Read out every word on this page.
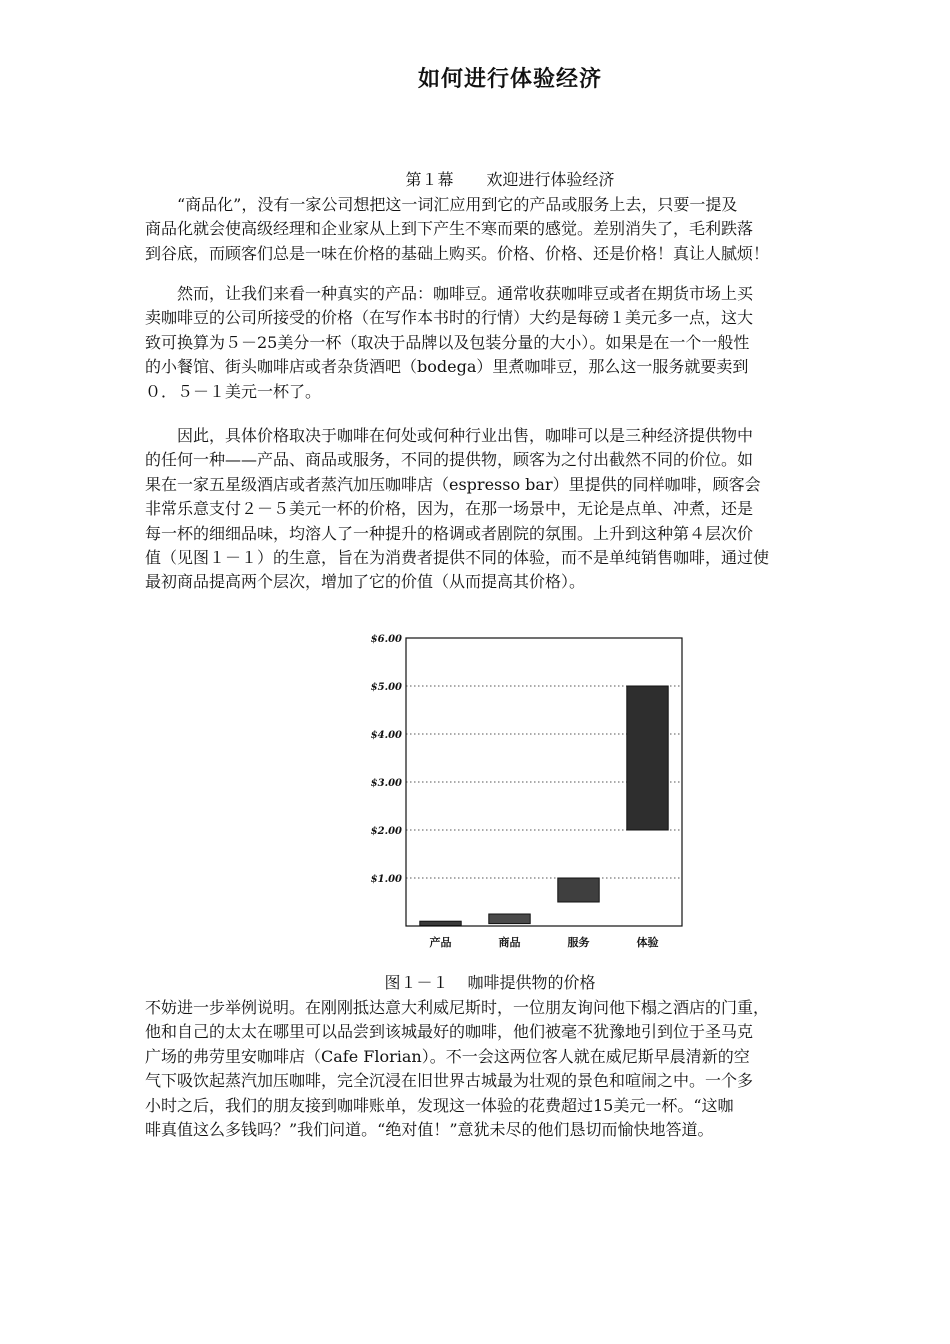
如何进行体验经济
第１幕 欢迎进行体验经济

“商品化”，没有一家公司想把这一词汇应用到它的产品或服务上去，只要一提及
商品化就会使高级经理和企业家从上到下产生不寒而栗的感觉。差别消失了，毛利跌落
到谷底，而顾客们总是一味在价格的基础上购买。价格、价格、还是价格！真让人腻烦！

然而，让我们来看一种真实的产品：咖啡豆。通常收获咖啡豆或者在期货市场上买
卖咖啡豆的公司所接受的价格（在写作本书时的行情）大约是每磅１美元多一点，这大
致可换算为５－25美分一杯（取决于品牌以及包装分量的大小）。如果是在一个一般性
的小餐馆、街头咖啡店或者杂货酒吧（bodega）里煮咖啡豆，那么这一服务就要卖到
０．５－１美元一杯了。

因此，具体价格取决于咖啡在何处或何种行业出售，咖啡可以是三种经济提供物中
的任何一种——产品、商品或服务，不同的提供物，顾客为之付出截然不同的价位。如
果在一家五星级酒店或者蒸汽加压咖啡店（espresso bar）里提供的同样咖啡，顾客会
非常乐意支付２－５美元一杯的价格，因为，在那一场景中，无论是点单、冲煮，还是
每一杯的细细品味，均溶人了一种提升的格调或者剧院的氛围。上升到这种第４层次价
值（见图１－１）的生意，旨在为消费者提供不同的体验，而不是单纯销售咖啡，通过使
最初商品提高两个层次，增加了它的价值（从而提高其价格）。

$1.00
$2.00
$3.00
$4.00
$5.00
$6.00
产品	商品	服务	体验
图１－１ 咖啡提供物的价格

不妨进一步举例说明。在刚刚抵达意大利威尼斯时，一位朋友询问他下榻之酒店的门重，
他和自己的太太在哪里可以品尝到该城最好的咖啡，他们被毫不犹豫地引到位于圣马克
广场的弗劳里安咖啡店（Cafe Florian）。不一会这两位客人就在威尼斯早晨清新的空
气下吸饮起蒸汽加压咖啡，完全沉浸在旧世界古城最为壮观的景色和喧闹之中。一个多
小时之后，我们的朋友接到咖啡账单，发现这一体验的花费超过15美元一杯。“这咖
啡真值这么多钱吗？”我们问道。“绝对值！”意犹未尽的他们恳切而愉快地答道。
